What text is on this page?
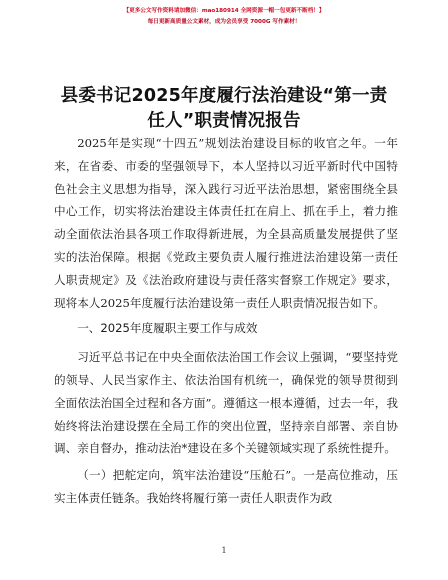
【更多公文写作资料请加微信：mao180914 全网资源一帽一包更新不断档！】
每日更新高质量公文素材，成为会员享受 7000G 写作素材！
县委书记2025年度履行法治建设“第一责任人”职责情况报告

2025年是实现“十四五”规划法治建设目标的收官之年。一年来，在省委、市委的坚强领导下，本人坚持以习近平新时代中国特色社会主义思想为指导，深入践行习近平法治思想，紧密围绕全县中心工作，切实将法治建设主体责任扛在肩上、抓在手上，着力推动全面依法治县各项工作取得新进展，为全县高质量发展提供了坚实的法治保障。根据《党政主要负责人履行推进法治建设第一责任人职责规定》及《法治政府建设与责任落实督察工作规定》要求，现将本人2025年度履行法治建设第一责任人职责情况报告如下。

一、2025年度履职主要工作与成效

习近平总书记在中央全面依法治国工作会议上强调，“要坚持党的领导、人民当家作主、依法治国有机统一，确保党的领导贯彻到全面依法治国全过程和各方面”。遵循这一根本遵循，过去一年，我始终将法治建设摆在全局工作的突出位置，坚持亲自部署、亲自协调、亲自督办，推动法治*建设在多个关键领域实现了系统性提升。

（一）把舵定向，筑牢法治建设“压舱石”。一是高位推动，压实主体责任链条。我始终将履行第一责任人职责作为政

1
